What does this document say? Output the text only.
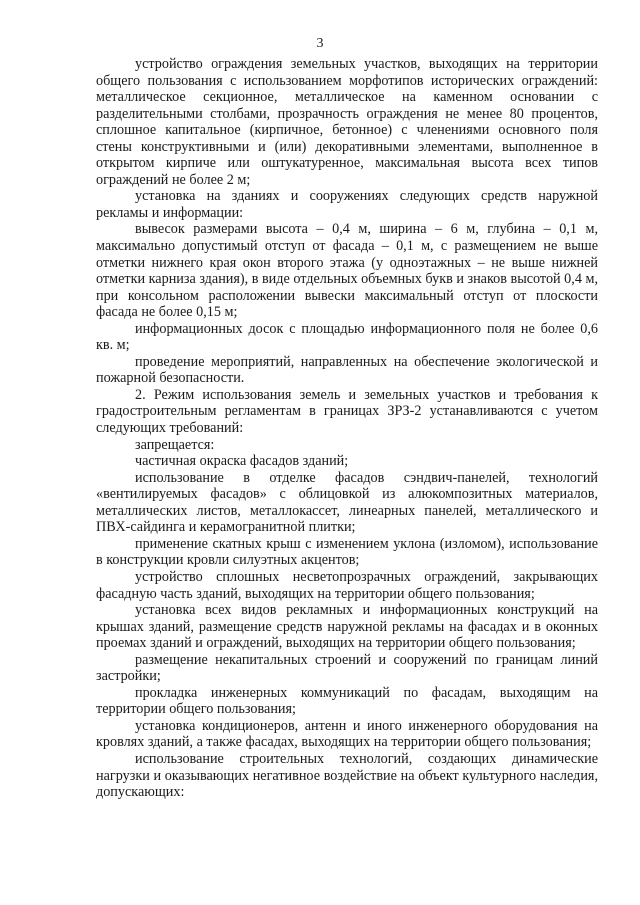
3

устройство ограждения земельных участков, выходящих на территории общего пользования с использованием морфотипов исторических ограждений: металлическое секционное, металлическое на каменном основании с разделительными столбами, прозрачность ограждения не менее 80 процентов, сплошное капитальное (кирпичное, бетонное) с членениями основного поля стены конструктивными и (или) декоративными элементами, выполненное в открытом кирпиче или оштукатуренное, максимальная высота всех типов ограждений не более 2 м;

установка на зданиях и сооружениях следующих средств наружной рекламы и информации:

вывесок размерами высота – 0,4 м, ширина – 6 м, глубина – 0,1 м, максимально допустимый отступ от фасада – 0,1 м, с размещением не выше отметки нижнего края окон второго этажа (у одноэтажных – не выше нижней отметки карниза здания), в виде отдельных объемных букв и знаков высотой 0,4 м, при консольном расположении вывески максимальный отступ от плоскости фасада не более 0,15 м;

информационных досок с площадью информационного поля не более 0,6 кв. м;

проведение мероприятий, направленных на обеспечение экологической и пожарной безопасности.

2. Режим использования земель и земельных участков и требования к градостроительным регламентам в границах ЗРЗ-2 устанавливаются с учетом следующих требований:

запрещается:

частичная окраска фасадов зданий;

использование в отделке фасадов сэндвич-панелей, технологий «вентилируемых фасадов» с облицовкой из алюкомпозитных материалов, металлических листов, металлокассет, линеарных панелей, металлического и ПВХ-сайдинга и керамогранитной плитки;

применение скатных крыш с изменением уклона (изломом), использование в конструкции кровли силуэтных акцентов;

устройство сплошных несветопрозрачных ограждений, закрывающих фасадную часть зданий, выходящих на территории общего пользования;

установка всех видов рекламных и информационных конструкций на крышах зданий, размещение средств наружной рекламы на фасадах и в оконных проемах зданий и ограждений, выходящих на территории общего пользования;

размещение некапитальных строений и сооружений по границам линий застройки;

прокладка инженерных коммуникаций по фасадам, выходящим на территории общего пользования;

установка кондиционеров, антенн и иного инженерного оборудования на кровлях зданий, а также фасадах, выходящих на территории общего пользования;

использование строительных технологий, создающих динамические нагрузки и оказывающих негативное воздействие на объект культурного наследия, допускающих:
